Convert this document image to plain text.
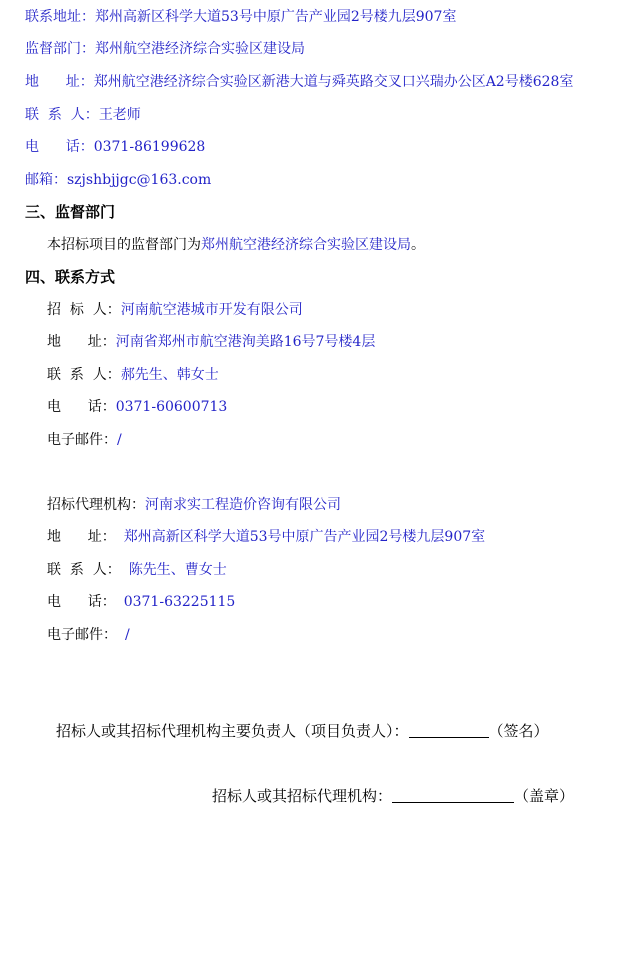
联系地址：郑州高新区科学大道53号中原广告产业园2号楼九层907室
监督部门：郑州航空港经济综合实验区建设局
地      址：郑州航空港经济综合实验区新港大道与舜英路交叉口兴瑞办公区A2号楼628室
联  系  人：王老师
电      话：0371-86199628
邮箱：szjshbjjgc@163.com
三、监督部门
本招标项目的监督部门为郑州航空港经济综合实验区建设局。
四、联系方式
招  标  人：河南航空港城市开发有限公司
地      址：河南省郑州市航空港洵美路16号7号楼4层
联  系  人：郝先生、韩女士
电      话：0371-60600713
电子邮件：/
招标代理机构：河南求实工程造价咨询有限公司
地      址： 郑州高新区科学大道53号中原广告产业园2号楼九层907室
联  系  人： 陈先生、曹女士
电      话： 0371-63225115
电子邮件： /
招标人或其招标代理机构主要负责人（项目负责人）：	（签名）
招标人或其招标代理机构：	（盖章）
